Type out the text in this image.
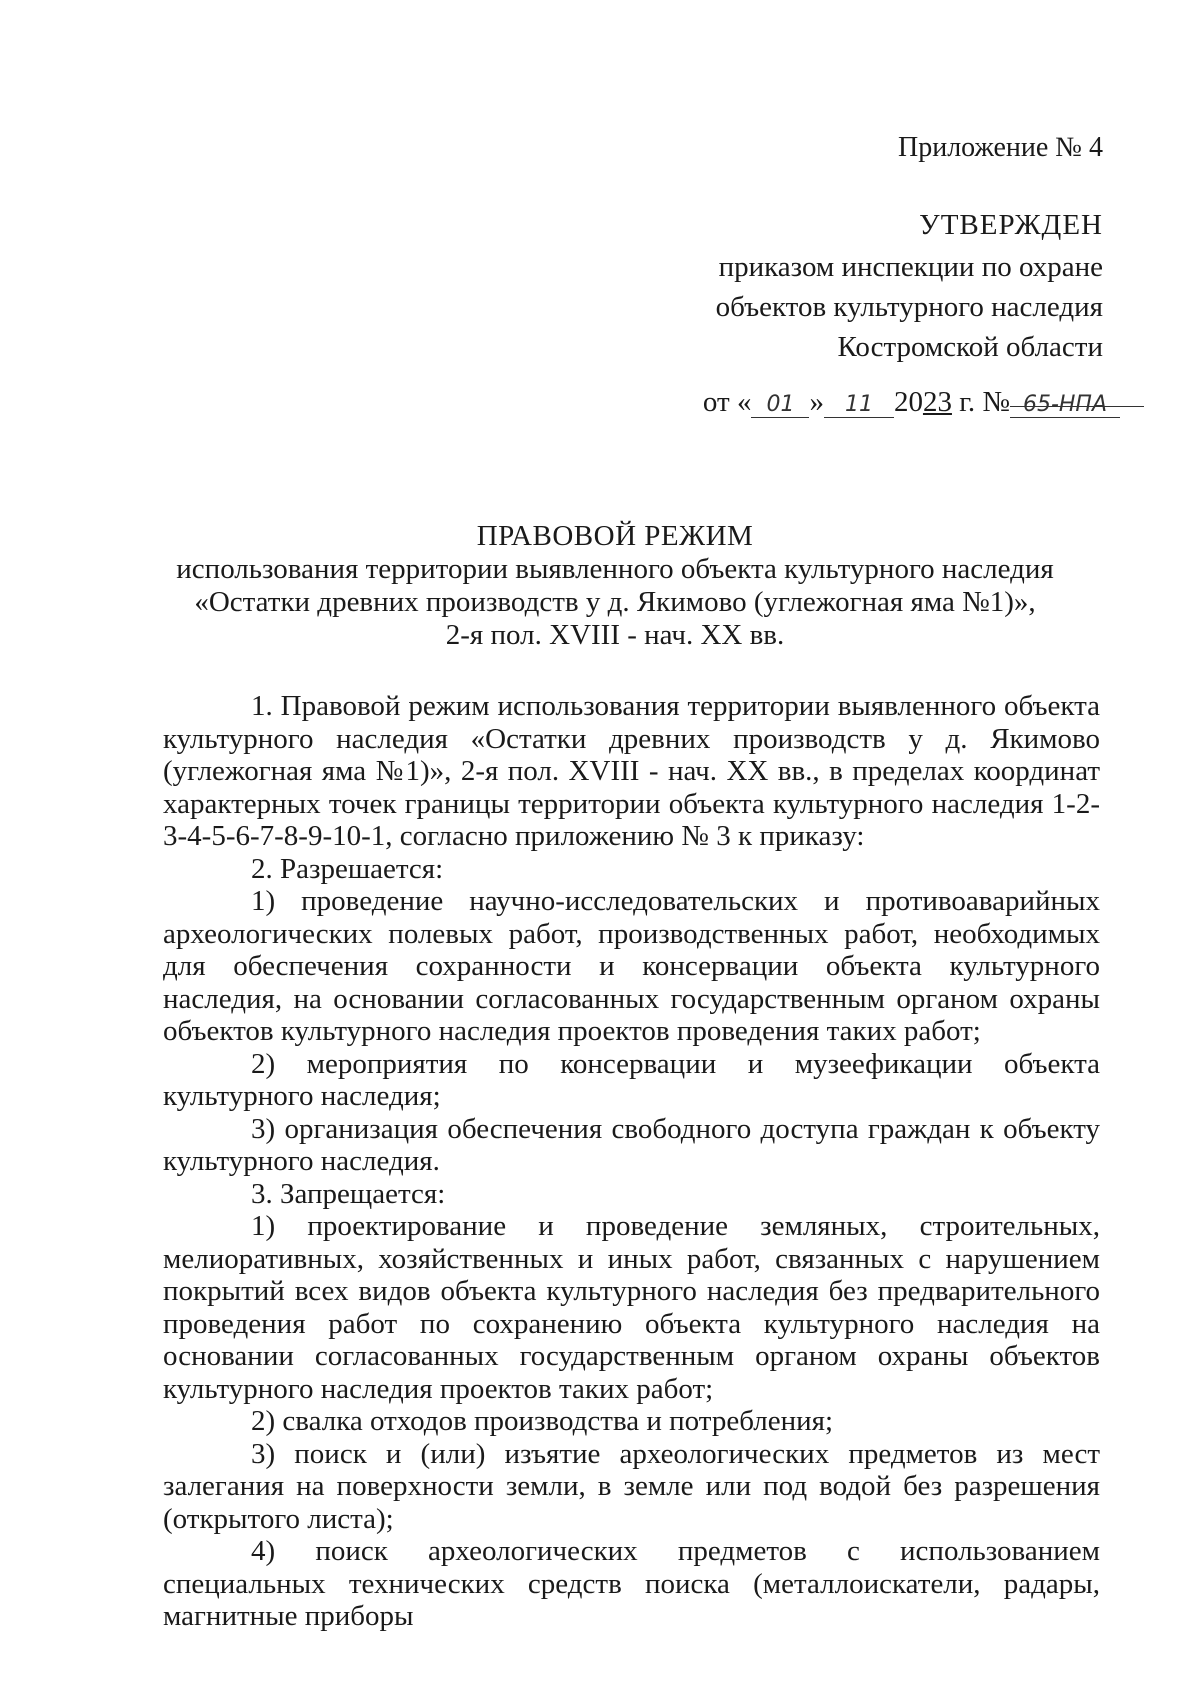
Приложение № 4
УТВЕРЖДЕН
приказом инспекции по охране
объектов культурного наследия
Костромской области
от « 01 » 11 2023 г. № 65-НПА
ПРАВОВОЙ РЕЖИМ
использования территории выявленного объекта культурного наследия
«Остатки древних производств у д. Якимово (углежогная яма №1)»,
2-я пол. XVIII - нач. XX вв.

1. Правовой режим использования территории выявленного объекта культурного наследия «Остатки древних производств у д. Якимово (углежогная яма №1)», 2-я пол. XVIII - нач. XX вв., в пределах координат характерных точек границы территории объекта культурного наследия 1-2-3-4-5-6-7-8-9-10-1, согласно приложению № 3 к приказу:

2. Разрешается:

1) проведение научно-исследовательских и противоаварийных археологических полевых работ, производственных работ, необходимых для обеспечения сохранности и консервации объекта культурного наследия, на основании согласованных государственным органом охраны объектов культурного наследия проектов проведения таких работ;

2) мероприятия по консервации и музеефикации объекта культурного наследия;

3) организация обеспечения свободного доступа граждан к объекту культурного наследия.

3. Запрещается:

1) проектирование и проведение земляных, строительных, мелиоративных, хозяйственных и иных работ, связанных с нарушением покрытий всех видов объекта культурного наследия без предварительного проведения работ по сохранению объекта культурного наследия на основании согласованных государственным органом охраны объектов культурного наследия проектов таких работ;

2) свалка отходов производства и потребления;

3) поиск и (или) изъятие археологических предметов из мест залегания на поверхности земли, в земле или под водой без разрешения (открытого листа);

4) поиск археологических предметов с использованием специальных технических средств поиска (металлоискатели, радары, магнитные приборы
